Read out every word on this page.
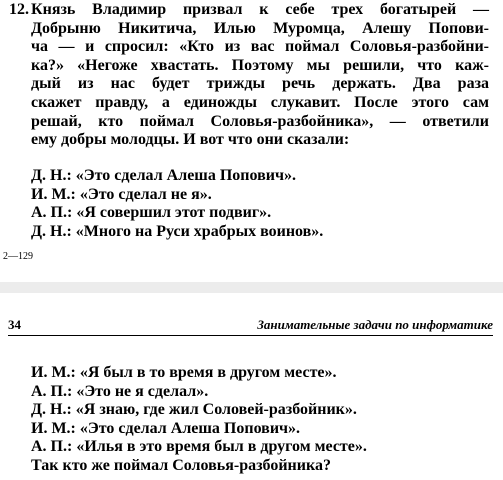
12. Князь Владимир призвал к себе трех богатырей —
Добрыню Никитича, Илью Муромца, Алешу Попови-
ча — и спросил: «Кто из вас поймал Соловья-разбойни-
ка?» «Негоже хвастать. Поэтому мы решили, что каж-
дый из нас будет трижды речь держать. Два раза
скажет правду, а единожды слукавит. После этого сам
решай, кто поймал Соловья-разбойника», — ответили
ему добры молодцы. И вот что они сказали:
Д. Н.: «Это сделал Алеша Попович».
И. М.: «Это сделал не я».
А. П.: «Я совершил этот подвиг».
Д. Н.: «Много на Руси храбрых воинов».
2—129
34	Занимательные задачи по информатике
И. М.: «Я был в то время в другом месте».
А. П.: «Это не я сделал».
Д. Н.: «Я знаю, где жил Соловей-разбойник».
И. М.: «Это сделал Алеша Попович».
А. П.: «Илья в это время был в другом месте».
Так кто же поймал Соловья-разбойника?
